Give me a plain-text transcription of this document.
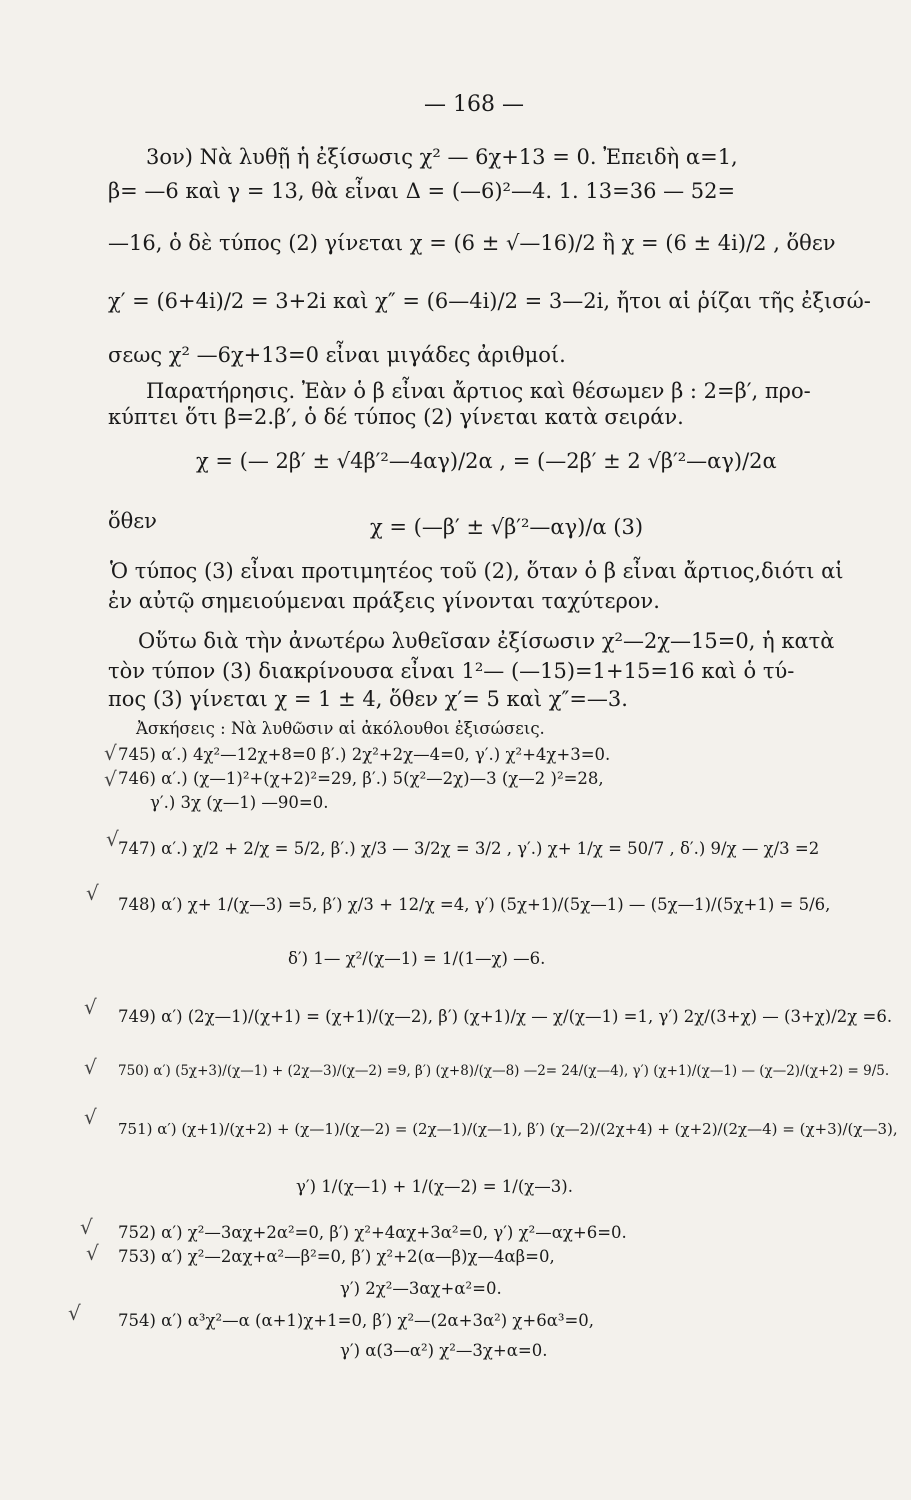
— 168 —
3ον) Νὰ λυθῇ ἡ ἐξίσωσις χ² — 6χ+13 = 0. Ἐπειδὴ α=1,
β= —6 καὶ γ = 13, θὰ εἶναι Δ = (—6)²—4. 1. 13=36 — 52=
—16, ὁ δὲ τύπος (2) γίνεται χ = (6 ± √—16)/2 ἢ χ = (6 ± 4i)/2 , ὅθεν
χ′ = (6+4i)/2 = 3+2i καὶ χ″ = (6—4i)/2 = 3—2i, ἤτοι αἱ ῥίζαι τῆς ἐξισώ-
σεως χ² —6χ+13=0 εἶναι μιγάδες ἀριθμοί.
Παρατήρησις. Ἐὰν ὁ β εἶναι ἄρτιος καὶ θέσωμεν β : 2=β′, προ-
κύπτει ὅτι β=2.β′, ὁ δέ τύπος (2) γίνεται κατὰ σειράν.
χ = (— 2β′ ± √4β′²—4αγ)/2α , = (—2β′ ± 2 √β′²—αγ)/2α
ὅθεν	χ = (—β′ ± √β′²—αγ)/α (3)
Ὁ τύπος (3) εἶναι προτιμητέος τοῦ (2), ὅταν ὁ β εἶναι ἄρτιος,διότι αἱ
ἐν αὐτῷ σημειούμεναι πράξεις γίνονται ταχύτερον.
Οὕτω διὰ τὴν ἀνωτέρω λυθεῖσαν ἐξίσωσιν χ²—2χ—15=0, ἡ κατὰ
τὸν τύπον (3) διακρίνουσα εἶναι 1²— (—15)=1+15=16 καὶ ὁ τύ-
πος (3) γίνεται χ = 1 ± 4, ὅθεν χ′= 5 καὶ χ″=—3.
Ἀσκήσεις : Νὰ λυθῶσιν αἱ ἀκόλουθοι ἐξισώσεις.
745) α′.) 4χ²—12χ+8=0 β′.) 2χ²+2χ—4=0, γ′.) χ²+4χ+3=0.
746) α′.) (χ—1)²+(χ+2)²=29, β′.) 5(χ²—2χ)—3 (χ—2 )²=28,
γ′.) 3χ (χ—1) —90=0.
747) α′.) χ/2 + 2/χ = 5/2, β′.) χ/3 — 3/2χ = 3/2 , γ′.) χ+ 1/χ = 50/7 , δ′.) 9/χ — χ/3 =2
748) α′) χ+ 1/(χ—3) =5, β′) χ/3 + 12/χ =4, γ′) (5χ+1)/(5χ—1) — (5χ—1)/(5χ+1) = 5/6,
δ′) 1— χ²/(χ—1) = 1/(1—χ) —6.
749) α′) (2χ—1)/(χ+1) = (χ+1)/(χ—2), β′) (χ+1)/χ — χ/(χ—1) =1, γ′) 2χ/(3+χ) — (3+χ)/2χ =6.
750) α′) (5χ+3)/(χ—1) + (2χ—3)/(χ—2) =9, β′) (χ+8)/(χ—8) —2= 24/(χ—4), γ′) (χ+1)/(χ—1) — (χ—2)/(χ+2) = 9/5.
751) α′) (χ+1)/(χ+2) + (χ—1)/(χ—2) = (2χ—1)/(χ—1), β′) (χ—2)/(2χ+4) + (χ+2)/(2χ—4) = (χ+3)/(χ—3),
γ′) 1/(χ—1) + 1/(χ—2) = 1/(χ—3).
752) α′) χ²—3αχ+2α²=0, β′) χ²+4αχ+3α²=0, γ′) χ²—αχ+6=0.
753) α′) χ²—2αχ+α²—β²=0, β′) χ²+2(α—β)χ—4αβ=0,
γ′) 2χ²—3αχ+α²=0.
754) α′) α³χ²—α (α+1)χ+1=0, β′) χ²—(2α+3α²) χ+6α³=0,
γ′) α(3—α²) χ²—3χ+α=0.
√
√
√
√
√
√
√
√
√
√
